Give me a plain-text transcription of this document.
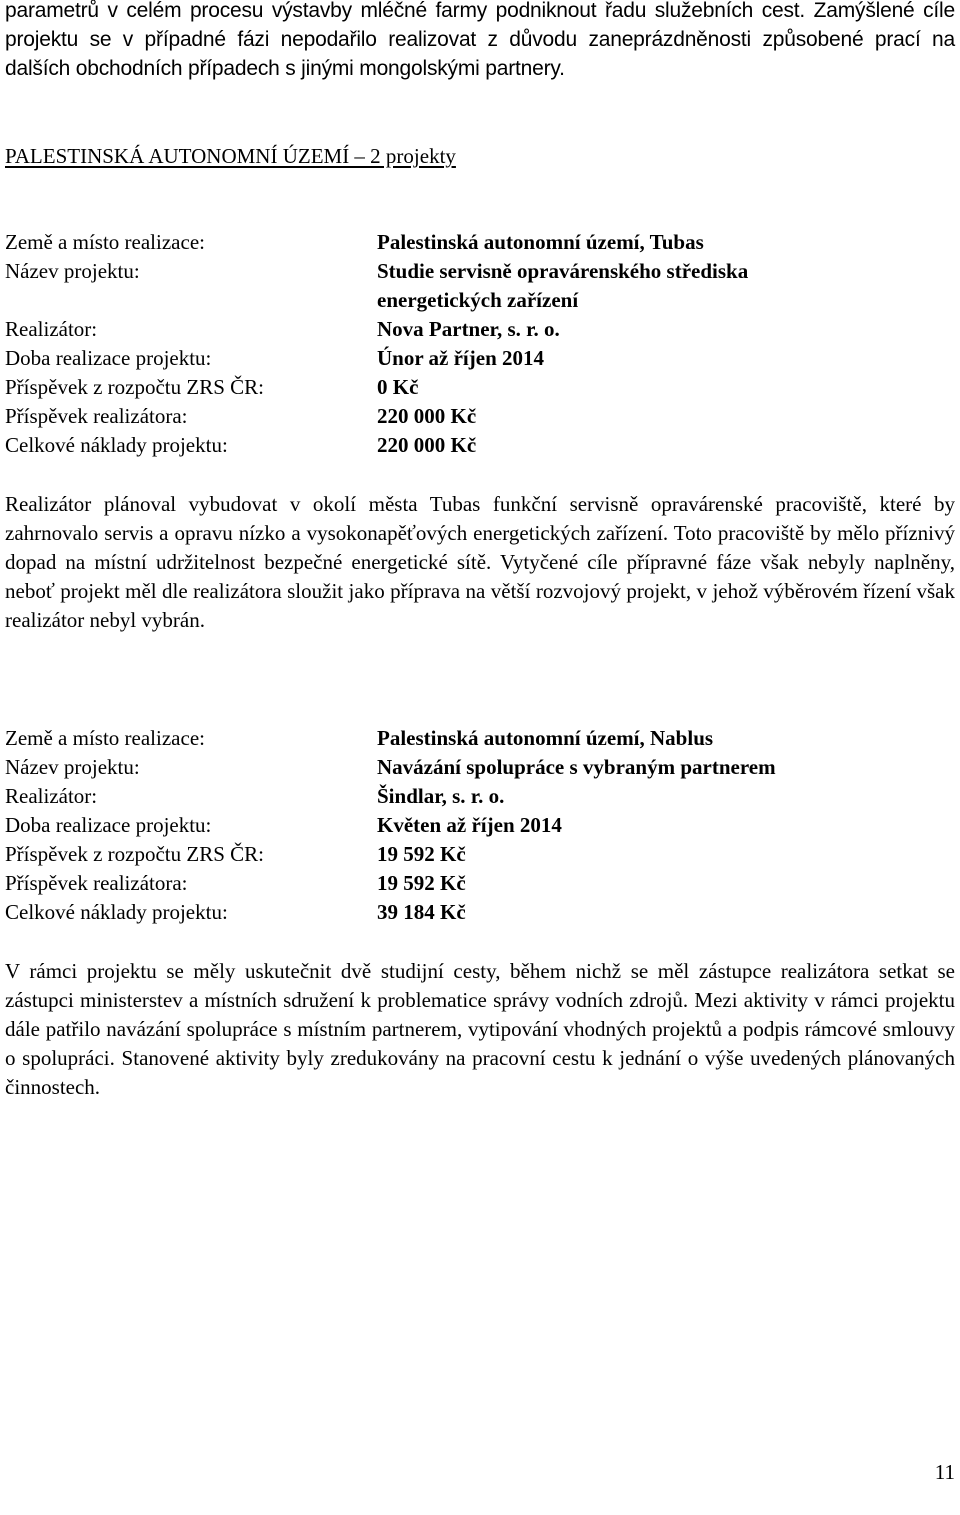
parametrů v celém procesu výstavby mléčné farmy podniknout řadu služebních cest. Zamýšlené cíle projektu se v případné fázi nepodařilo realizovat z důvodu zaneprázdněnosti způsobené prací na dalších obchodních případech s jinými mongolskými partnery.

PALESTINSKÁ AUTONOMNÍ ÚZEMÍ – 2 projekty
Země a místo realizace:	Palestinská autonomní území, Tubas
Název projektu:	Studie servisně opravárenského střediska energetických zařízení
Realizátor:	Nova Partner, s. r. o.
Doba realizace projektu:	Únor až říjen 2014
Příspěvek z rozpočtu ZRS ČR:	0 Kč
Příspěvek realizátora:	220 000 Kč
Celkové náklady projektu:	220 000 Kč

Realizátor plánoval vybudovat v okolí města Tubas funkční servisně opravárenské pracoviště, které by zahrnovalo servis a opravu nízko a vysokonapěťových energetických zařízení. Toto pracoviště by mělo příznivý dopad na místní udržitelnost bezpečné energetické sítě. Vytyčené cíle přípravné fáze však nebyly naplněny, neboť projekt měl dle realizátora sloužit jako příprava na větší rozvojový projekt, v jehož výběrovém řízení však realizátor nebyl vybrán.

Země a místo realizace:	Palestinská autonomní území, Nablus
Název projektu:	Navázání spolupráce s vybraným partnerem
Realizátor:	Šindlar, s. r. o.
Doba realizace projektu:	Květen až říjen 2014
Příspěvek z rozpočtu ZRS ČR:	19 592 Kč
Příspěvek realizátora:	19 592 Kč
Celkové náklady projektu:	39 184 Kč

V rámci projektu se měly uskutečnit dvě studijní cesty, během nichž se měl zástupce realizátora setkat se zástupci ministerstev a místních sdružení k problematice správy vodních zdrojů. Mezi aktivity v rámci projektu dále patřilo navázání spolupráce s místním partnerem, vytipování vhodných projektů a podpis rámcové smlouvy o spolupráci. Stanovené aktivity byly zredukovány na pracovní cestu k jednání o výše uvedených plánovaných činnostech.

11
